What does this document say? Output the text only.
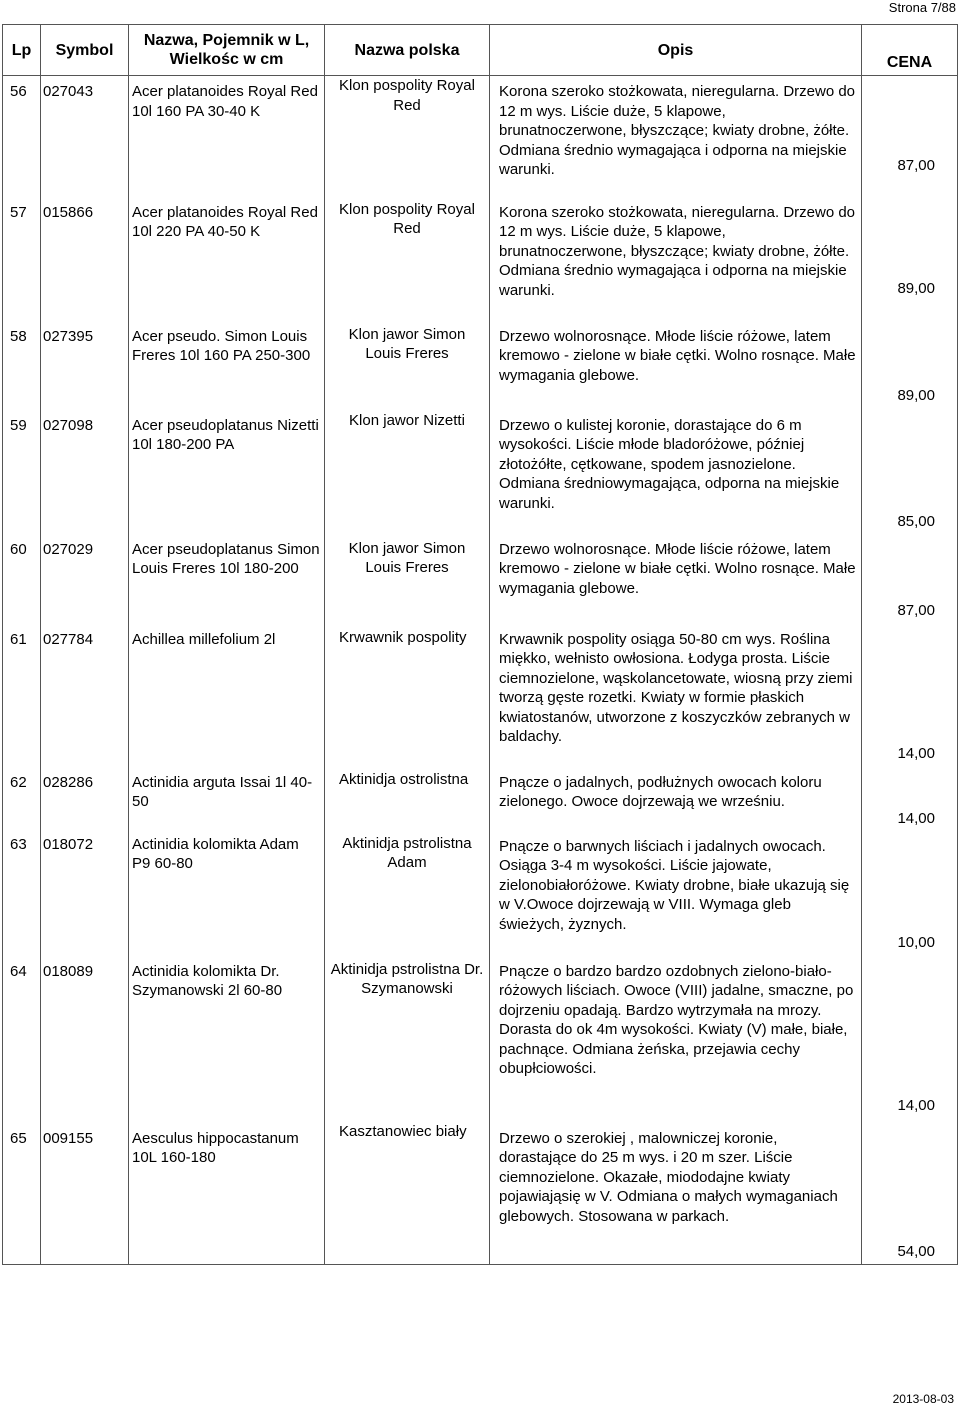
Strona 7/88
Lp	Symbol	Nazwa, Pojemnik w L, Wielkośc w cm	Nazwa polska	Opis	CENA
56	027043	Acer platanoides Royal Red 10l 160 PA 30-40 K	Klon pospolity Royal Red	Korona szeroko stożkowata, nieregularna. Drzewo do 12 m wys. Liście duże, 5 klapowe, brunatnoczerwone, błyszczące; kwiaty drobne, żółte. Odmiana średnio wymagająca i odporna na miejskie warunki.	87,00

57	015866	Acer platanoides Royal Red 10l 220 PA 40-50 K	Klon pospolity Royal Red	Korona szeroko stożkowata, nieregularna. Drzewo do 12 m wys. Liście duże, 5 klapowe, brunatnoczerwone, błyszczące; kwiaty drobne, żółte. Odmiana średnio wymagająca i odporna na miejskie warunki.	89,00

58	027395	Acer pseudo. Simon Louis Freres 10l 160 PA 250-300	Klon jawor Simon Louis Freres	Drzewo wolnorosnące. Młode liście różowe, latem kremowo - zielone w białe cętki. Wolno rosnące. Małe wymagania glebowe.	89,00

59	027098	Acer pseudoplatanus Nizetti 10l 180-200 PA	Klon jawor Nizetti	Drzewo o kulistej koronie, dorastające do 6 m wysokości. Liście młode bladoróżowe, później złotożółte, cętkowane, spodem jasnozielone. Odmiana średniowymagająca, odporna na miejskie warunki.	85,00

60	027029	Acer pseudoplatanus Simon Louis Freres 10l 180-200	Klon jawor Simon Louis Freres	Drzewo wolnorosnące. Młode liście różowe, latem kremowo - zielone w białe cętki. Wolno rosnące. Małe wymagania glebowe.	87,00

61	027784	Achillea millefolium 2l	Krwawnik pospolity	Krwawnik pospolity osiąga 50-80 cm wys. Roślina miękko, wełnisto owłosiona. Łodyga prosta. Liście ciemnozielone, wąskolancetowate, wiosną przy ziemi tworzą gęste rozetki. Kwiaty w formie płaskich kwiatostanów, utworzone z koszyczków zebranych w baldachy.	14,00

62	028286	Actinidia arguta Issai 1l 40-50	Aktinidja ostrolistna	Pnącze o jadalnych, podłużnych owocach koloru zielonego. Owoce dojrzewają we wrześniu.	14,00

63	018072	Actinidia kolomikta Adam P9 60-80	Aktinidja pstrolistna Adam	Pnącze o barwnych liściach i jadalnych owocach. Osiąga 3-4 m wysokości. Liście jajowate, zielonobiałoróżowe. Kwiaty drobne, białe ukazują się w V.Owoce dojrzewają w VIII. Wymaga gleb świeżych, żyznych.	10,00

64	018089	Actinidia kolomikta Dr. Szymanowski 2l 60-80	Aktinidja pstrolistna Dr. Szymanowski	Pnącze o bardzo bardzo ozdobnych zielono-biało-różowych liściach. Owoce (VIII) jadalne, smaczne, po dojrzeniu opadają. Bardzo wytrzymała na mrozy. Dorasta do ok 4m wysokości. Kwiaty (V) małe, białe, pachnące. Odmiana żeńska, przejawia cechy obupłciowości.	14,00

65	009155	Aesculus hippocastanum 10L 160-180	Kasztanowiec biały	Drzewo o szerokiej , malowniczej koronie, dorastające do 25 m wys. i 20 m szer. Liście ciemnozielone. Okazałe, miododajne kwiaty pojawiająsię w V. Odmiana o małych wymaganiach glebowych. Stosowana w parkach.	54,00
2013-08-03
